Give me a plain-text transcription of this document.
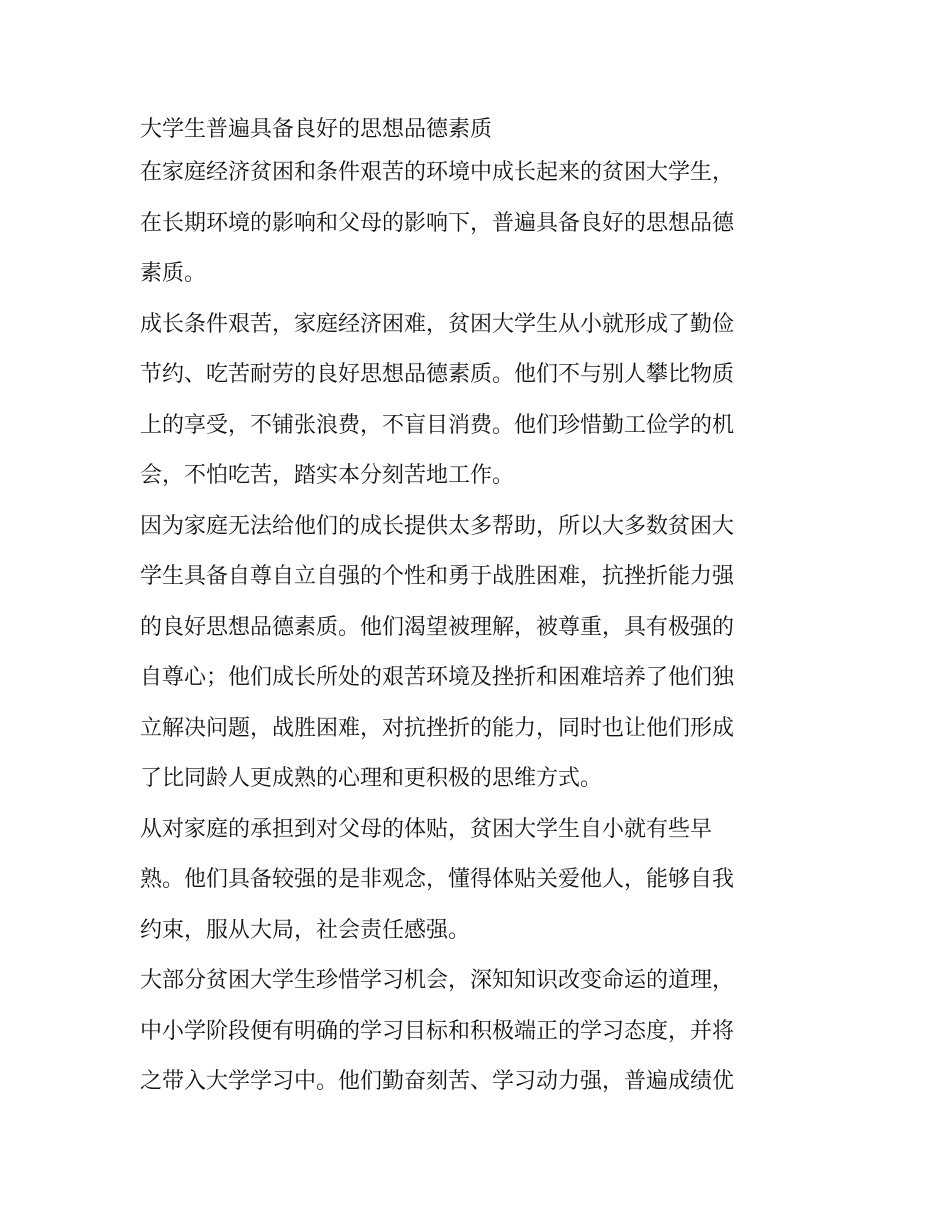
大学生普遍具备良好的思想品德素质

在家庭经济贫困和条件艰苦的环境中成长起来的贫困大学生，
在长期环境的影响和父母的影响下，普遍具备良好的思想品德
素质。

成长条件艰苦，家庭经济困难，贫困大学生从小就形成了勤俭
节约、吃苦耐劳的良好思想品德素质。他们不与别人攀比物质
上的享受，不铺张浪费，不盲目消费。他们珍惜勤工俭学的机
会，不怕吃苦，踏实本分刻苦地工作。

因为家庭无法给他们的成长提供太多帮助，所以大多数贫困大
学生具备自尊自立自强的个性和勇于战胜困难，抗挫折能力强
的良好思想品德素质。他们渴望被理解，被尊重，具有极强的
自尊心；他们成长所处的艰苦环境及挫折和困难培养了他们独
立解决问题，战胜困难，对抗挫折的能力，同时也让他们形成
了比同龄人更成熟的心理和更积极的思维方式。

从对家庭的承担到对父母的体贴，贫困大学生自小就有些早
熟。他们具备较强的是非观念，懂得体贴关爱他人，能够自我
约束，服从大局，社会责任感强。

大部分贫困大学生珍惜学习机会，深知知识改变命运的道理，
中小学阶段便有明确的学习目标和积极端正的学习态度，并将
之带入大学学习中。他们勤奋刻苦、学习动力强，普遍成绩优
